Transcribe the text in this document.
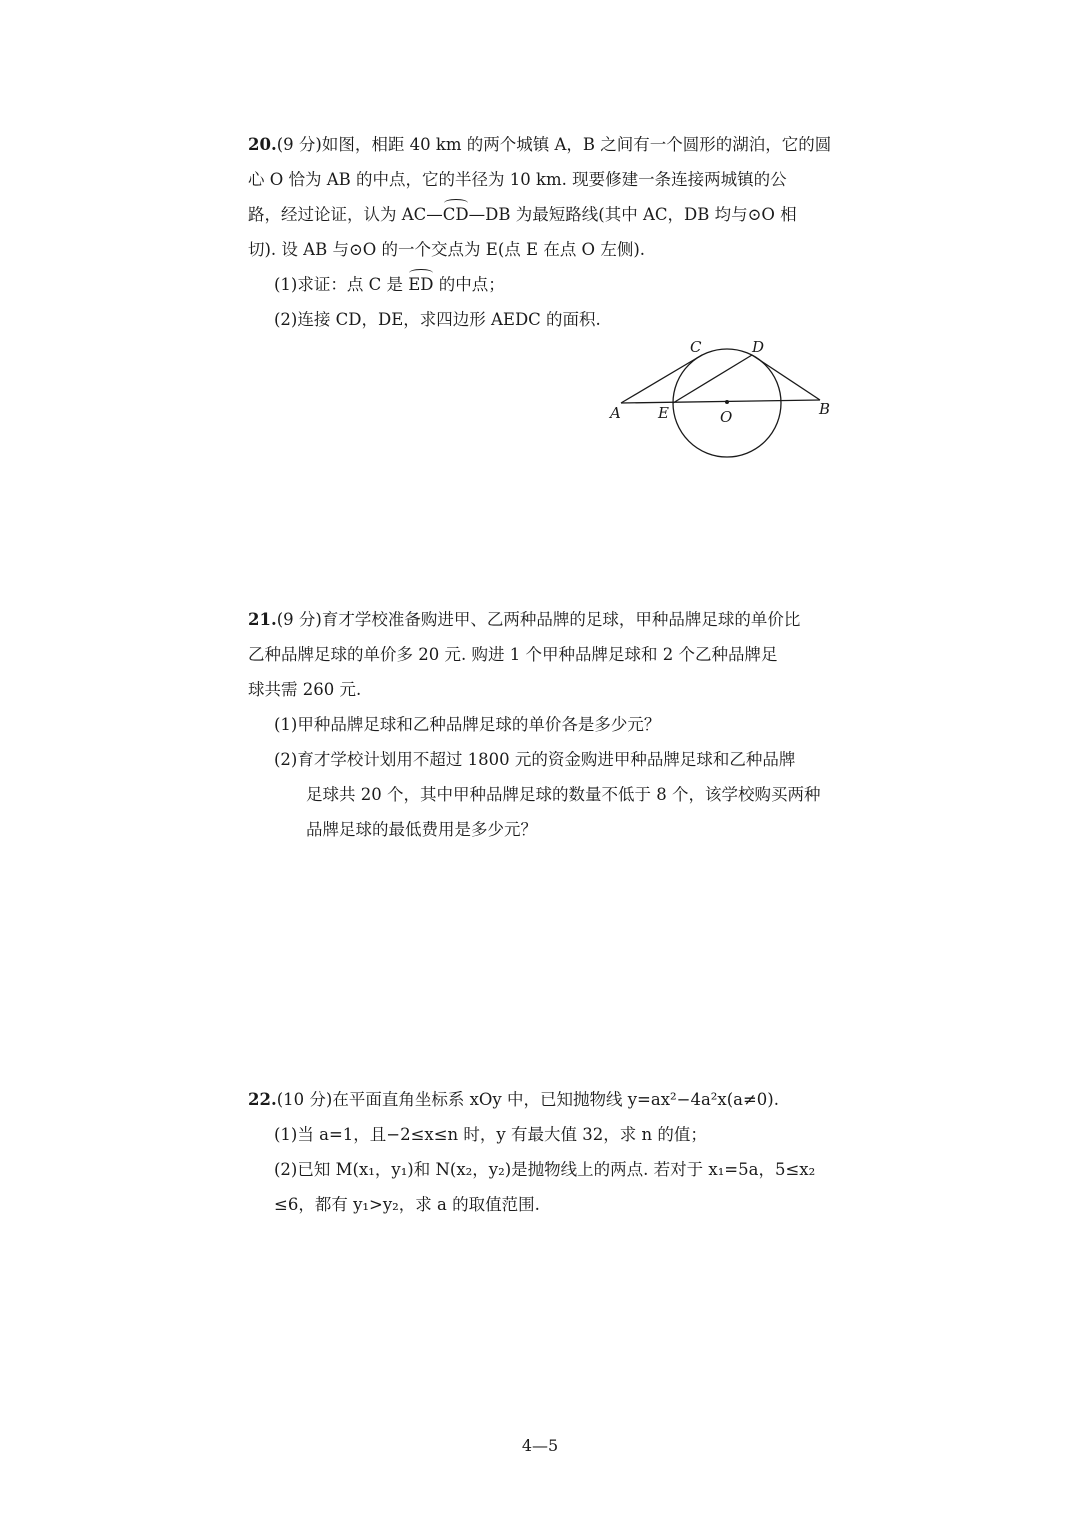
20.(9 分)如图，相距 40 km 的两个城镇 A，B 之间有一个圆形的湖泊，它的圆
心 O 恰为 AB 的中点，它的半径为 10 km. 现要修建一条连接两城镇的公
路，经过论证，认为 AC—CD—DB 为最短路线(其中 AC，DB 均与⊙O 相
切). 设 AB 与⊙O 的一个交点为 E(点 E 在点 O 左侧).
(1)求证：点 C 是 ED 的中点；
(2)连接 CD，DE，求四边形 AEDC 的面积.
C	D
A E	O	B
21.(9 分)育才学校准备购进甲、乙两种品牌的足球，甲种品牌足球的单价比
乙种品牌足球的单价多 20 元. 购进 1 个甲种品牌足球和 2 个乙种品牌足
球共需 260 元.
(1)甲种品牌足球和乙种品牌足球的单价各是多少元？
(2)育才学校计划用不超过 1800 元的资金购进甲种品牌足球和乙种品牌
足球共 20 个，其中甲种品牌足球的数量不低于 8 个，该学校购买两种
品牌足球的最低费用是多少元？
22.(10 分)在平面直角坐标系 xOy 中，已知抛物线 y=ax²−4a²x(a≠0).
(1)当 a=1，且−2≤x≤n 时，y 有最大值 32，求 n 的值；
(2)已知 M(x₁，y₁)和 N(x₂，y₂)是抛物线上的两点. 若对于 x₁=5a，5≤x₂
≤6，都有 y₁>y₂，求 a 的取值范围.
4—5
